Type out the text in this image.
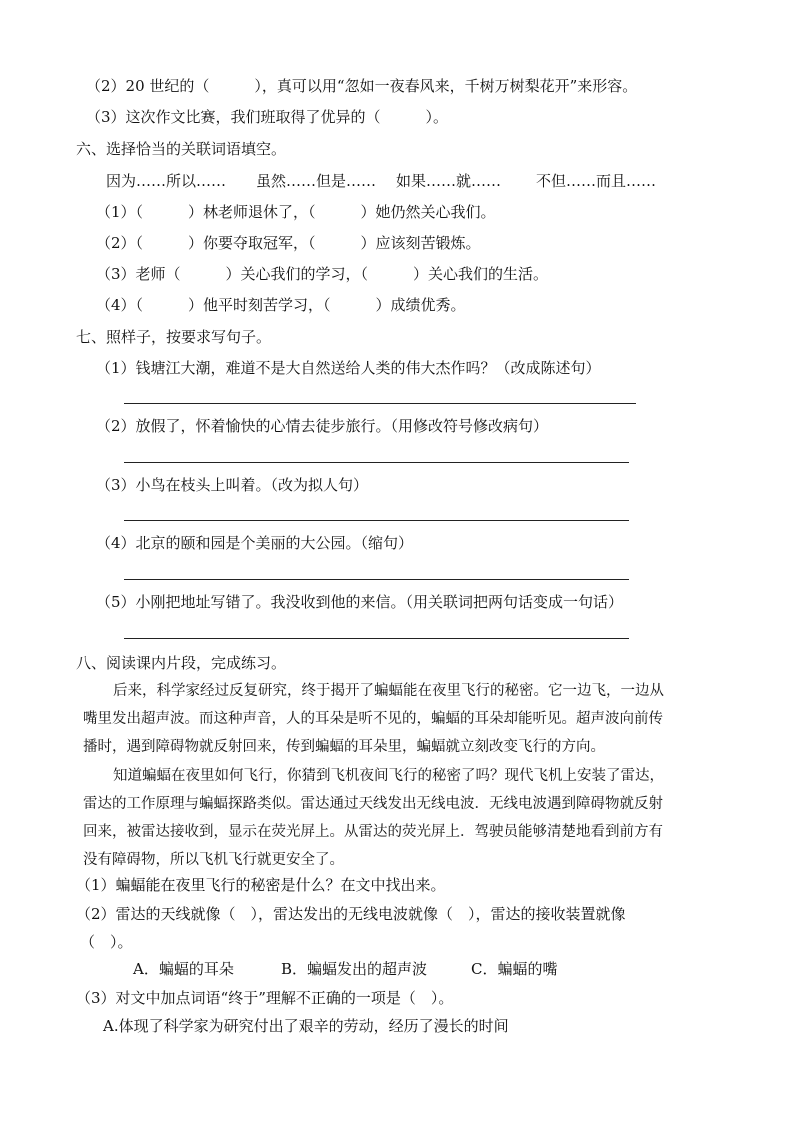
（2）20 世纪的（　　　），真可以用“忽如一夜春风来，千树万树梨花开”来形容。
（3）这次作文比赛，我们班取得了优异的（　　　）。
六、选择恰当的关联词语填空。
因为……所以…… 虽然……但是…… 如果……就…… 不但……而且……
（1）（　　　）林老师退休了，（　　　）她仍然关心我们。
（2）（　　　）你要夺取冠军，（　　　）应该刻苦锻炼。
（3）老师（　　　）关心我们的学习，（　　　）关心我们的生活。
（4）（　　　）他平时刻苦学习，（　　　）成绩优秀。
七、照样子，按要求写句子。
（1）钱塘江大潮，难道不是大自然送给人类的伟大杰作吗？（改成陈述句）
（2）放假了，怀着愉快的心情去徒步旅行。（用修改符号修改病句）
（3）小鸟在枝头上叫着。（改为拟人句）
（4）北京的颐和园是个美丽的大公园。（缩句）
（5）小刚把地址写错了。我没收到他的来信。（用关联词把两句话变成一句话）
八、阅读课内片段，完成练习。
后来，科学家经过反复研究，终于揭开了蝙蝠能在夜里飞行的秘密。它一边飞，一边从
嘴里发出超声波。而这种声音，人的耳朵是听不见的，蝙蝠的耳朵却能听见。超声波向前传
播时，遇到障碍物就反射回来，传到蝙蝠的耳朵里，蝙蝠就立刻改变飞行的方向。
知道蝙蝠在夜里如何飞行，你猜到飞机夜间飞行的秘密了吗？现代飞机上安装了雷达，
雷达的工作原理与蝙蝠探路类似。雷达通过天线发出无线电波．无线电波遇到障碍物就反射
回来，被雷达接收到，显示在荧光屏上。从雷达的荧光屏上．驾驶员能够清楚地看到前方有
没有障碍物，所以飞机飞行就更安全了。
（1）蝙蝠能在夜里飞行的秘密是什么？在文中找出来。
（2）雷达的天线就像（　），雷达发出的无线电波就像（　），雷达的接收装置就像
（　）。
A．蝙蝠的耳朵	B．蝙蝠发出的超声波	C．蝙蝠的嘴
（3）对文中加点词语“终于”理解不正确的一项是（　）。
A.体现了科学家为研究付出了艰辛的劳动，经历了漫长的时间
